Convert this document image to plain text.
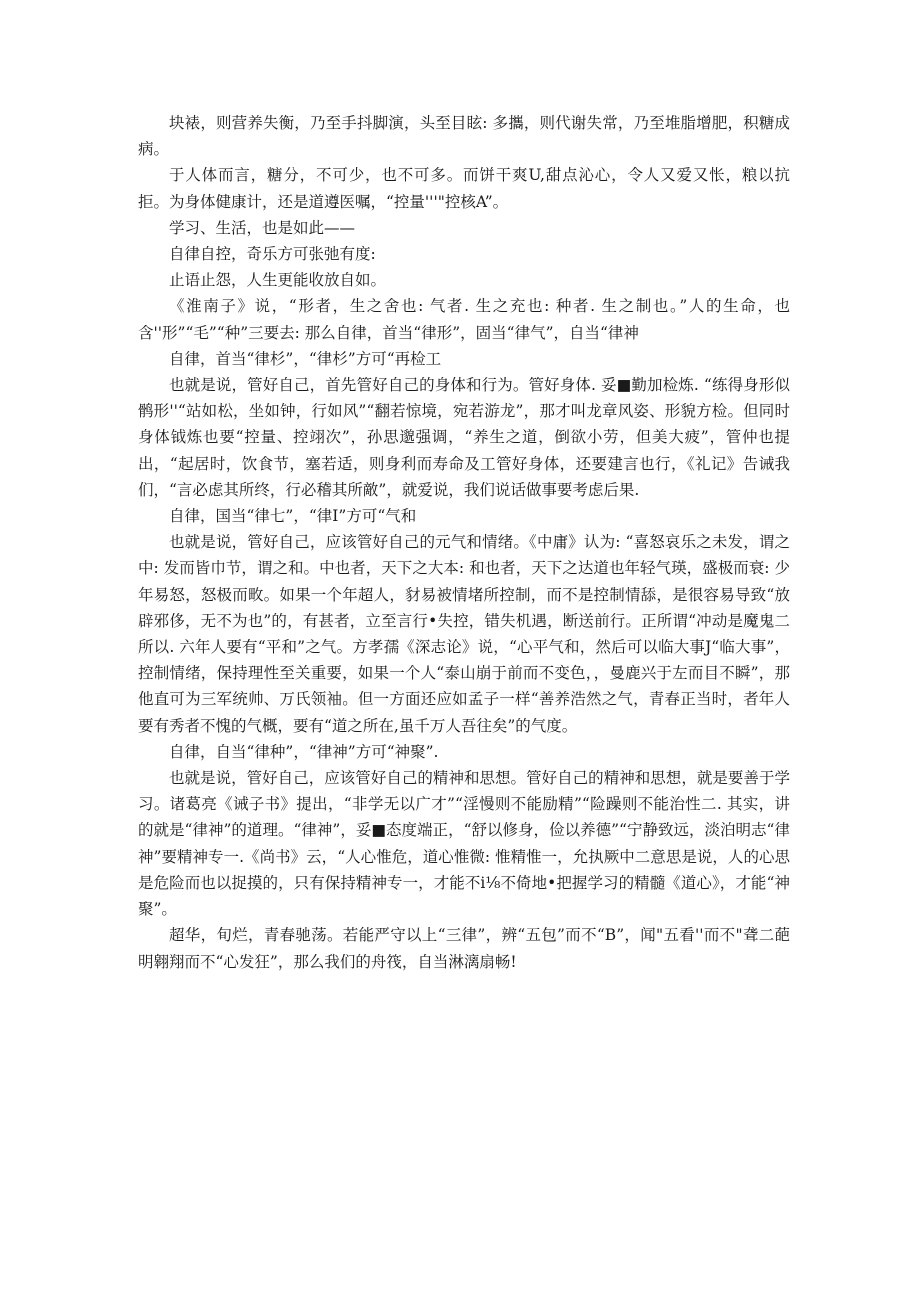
块裱，则营养失衡，乃至手抖脚演，头至目眩: 多攜，则代谢失常，乃至堆脂增肥，积糖成病。

于人体而言，糖分，不可少，也不可多。而饼干爽U,甜点沁心，令人又爱又怅，粮以抗拒。为身体健康计，还是道遵医嘱，“控量'''"控核A”。

学习、生活，也是如此——

自律自控，奇乐方可张弛有度:

止语止怨，人生更能收放自如。

《淮南子》说，“形者，生之舍也: 气者. 生之充也: 种者. 生之制也。”人的生命，也含''形”“毛”“种”三要去: 那么自律，首当“律形”，固当“律气”，自当“律神

自律，首当“律杉”，“律杉”方可“再检工

也就是说，管好自己，首先管好自己的身体和行为。管好身体. 妥■勤加检炼. “练得身形似鹘形''“站如松，坐如钟，行如风”“翻若惊境，宛若游龙”，那才叫龙章风姿、形貌方检。但同时身体钺炼也要“控量、控翊次”，孙思邈强调，“养生之道，倒欲小劳，但美大疲”，管仲也提出，“起居时，饮食节，塞若适，则身利而寿命及工管好身体，还要建言也行，《礼记》告诫我们，“言必虑其所终，行必稽其所敵”，就爱说，我们说话做事要考虑后果.

自律，国当“律七”，“律Ⅰ”方可“气和

也就是说，管好自己，应该管好自己的元气和情绪。《中庸》认为: “喜怒哀乐之未发，谓之中: 发而皆巾节，谓之和。中也者，天下之大本: 和也者，天下之达道也年轻气瑛，盛极而衰: 少年易怒，怒极而畋。如果一个年超人，豺易被情堵所控制，而不是控制情舔，是很容易导致“放辟邪侈，无不为也”的，有甚者，立至言行•失控，错失机遇，断送前行。正所谓“冲动是魔鬼二所以. 六年人要有“平和”之气。方孝孺《深志论》说，“心平气和，然后可以临大事J“临大事”，控制情绪，保持理性至关重要，如果一个人“泰山崩于前而不变色，，曼鹿兴于左而目不瞬”，那他直可为三军统帅、万氏领袖。但一方面还应如孟子一样“善养浩然之气，青春正当时，者年人要有秀者不愧的气概，要有“道之所在,虽千万人吾往矣”的气度。

自律，自当“律种”，“律神”方可“神聚”.

也就是说，管好自己，应该管好自己的精神和思想。管好自己的精神和思想，就是要善于学习。诸葛亮《诫子书》提出，“非学无以广才”“淫慢则不能励精”“险躁则不能治性二. 其实，讲的就是“律神”的道理。“律神”，妥■态度端正，“舒以修身，俭以养德”“宁静致远，淡泊明志“律神”要精神专一.《尚书》云，“人心惟危，道心惟微: 惟精惟一，允执厥中二意思是说，人的心思是危险而也以捉摸的，只有保持精神专一，才能不i⅛不倚地•把握学习的精髓《道心》，才能“神聚”。

超华，旬烂，青春驰荡。若能严守以上“三律”，辨“五包”而不“B”，闻"五看''而不"聋二葩明翱翔而不“心发狂”，那么我们的舟筏，自当淋漓扇畅!
